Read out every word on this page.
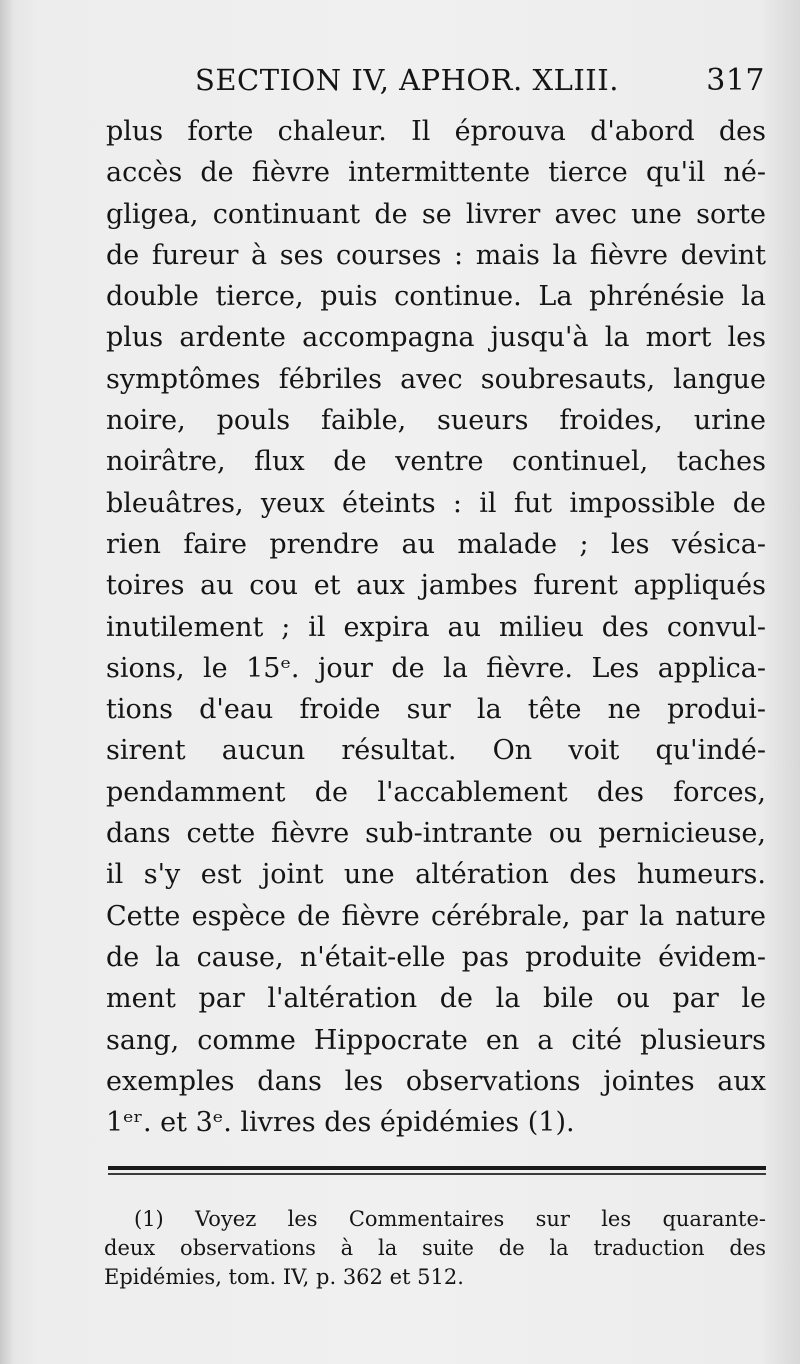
SECTION IV, APHOR. XLIII.	317
plus forte chaleur. Il éprouva d'abord des
accès de fièvre intermittente tierce qu'il né-
gligea, continuant de se livrer avec une sorte
de fureur à ses courses : mais la fièvre devint
double tierce, puis continue. La phrénésie la
plus ardente accompagna jusqu'à la mort les
symptômes fébriles avec soubresauts, langue
noire, pouls faible, sueurs froides, urine
noirâtre, flux de ventre continuel, taches
bleuâtres, yeux éteints : il fut impossible de
rien faire prendre au malade ; les vésica-
toires au cou et aux jambes furent appliqués
inutilement ; il expira au milieu des convul-
sions, le 15ᵉ. jour de la fièvre. Les applica-
tions d'eau froide sur la tête ne produi-
sirent aucun résultat. On voit qu'indé-
pendamment de l'accablement des forces,
dans cette fièvre sub-intrante ou pernicieuse,
il s'y est joint une altération des humeurs.
Cette espèce de fièvre cérébrale, par la nature
de la cause, n'était-elle pas produite évidem-
ment par l'altération de la bile ou par le
sang, comme Hippocrate en a cité plusieurs
exemples dans les observations jointes aux
1ᵉʳ. et 3ᵉ. livres des épidémies (1).
(1) Voyez les Commentaires sur les quarante-
deux observations à la suite de la traduction des
Epidémies, tom. IV, p. 362 et 512.
